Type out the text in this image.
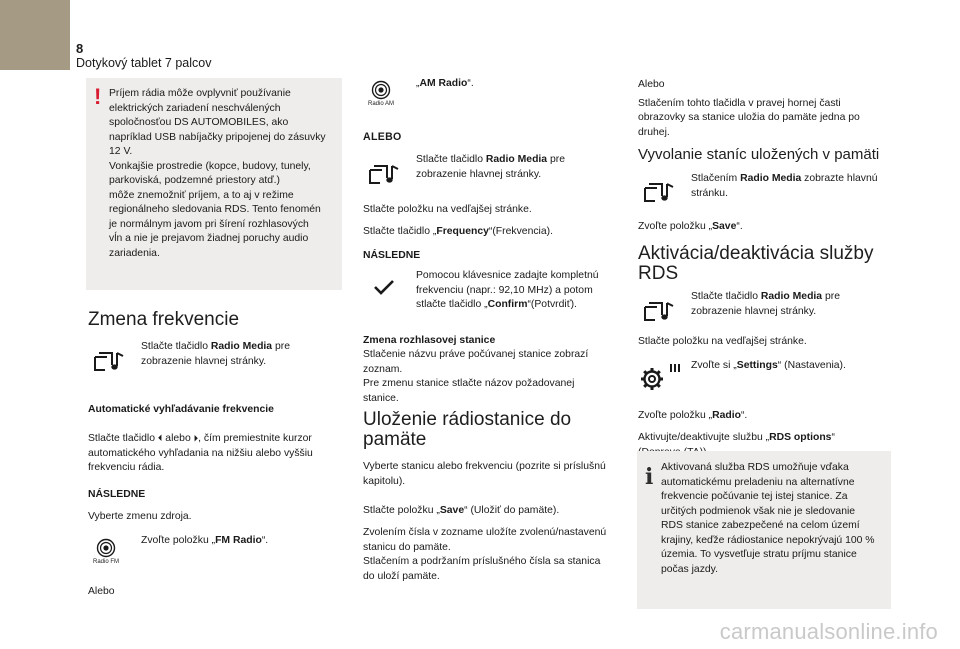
8
Dotykový tablet 7 palcov
! Príjem rádia môže ovplyvniť používanie
elektrických zariadení neschválených
spoločnosťou DS AUTOMOBILES, ako
napríklad USB nabíjačky pripojenej do zásuvky
12 V.
Vonkajšie prostredie (kopce, budovy, tunely,
parkoviská, podzemné priestory atď.)
môže znemožniť príjem, a to aj v režime
regionálneho sledovania RDS. Tento fenomén
je normálnym javom pri šírení rozhlasových
vĺn a nie je prejavom žiadnej poruchy audio
zariadenia.
Zmena frekvencie
Stlačte tlačidlo Radio Media pre
zobrazenie hlavnej stránky.
Automatické vyhľadávanie frekvencie
Stlačte tlačidlo ⏴ alebo ⏵, čím premiestnite kurzor
automatického vyhľadania na nižšiu alebo vyššiu
frekvenciu rádia.
NÁSLEDNE
Vyberte zmenu zdroja.
Radio FM
Zvoľte položku „FM Radio“.
Alebo
Radio AM
„AM Radio“.
ALEBO
Stlačte tlačidlo Radio Media pre
zobrazenie hlavnej stránky.
Stlačte položku na vedľajšej stránke.
Stlačte tlačidlo „Frequency“(Frekvencia).
NÁSLEDNE
Pomocou klávesnice zadajte kompletnú
frekvenciu (napr.: 92,10 MHz) a potom
stlačte tlačidlo „Confirm“(Potvrdiť).
Zmena rozhlasovej stanice
Stlačenie názvu práve počúvanej stanice zobrazí
zoznam.
Pre zmenu stanice stlačte názov požadovanej
stanice.
Uloženie rádiostanice do
pamäte
Vyberte stanicu alebo frekvenciu (pozrite si príslušnú
kapitolu).
Stlačte položku „Save“ (Uložiť do pamäte).
Zvolením čísla v zozname uložíte zvolenú/nastavenú
stanicu do pamäte.
Stlačením a podržaním príslušného čísla sa stanica
do uloží pamäte.
Alebo
Stlačením tohto tlačidla v pravej hornej časti
obrazovky sa stanice uložia do pamäte jedna po
druhej.
Vyvolanie staníc uložených v pamäti
Stlačením Radio Media zobrazte hlavnú
stránku.
Zvoľte položku „Save“.
Aktivácia/deaktivácia služby
RDS
Stlačte tlačidlo Radio Media pre
zobrazenie hlavnej stránky.
Stlačte položku na vedľajšej stránke.
Zvoľte si „Settings“ (Nastavenia).
Zvoľte položku „Radio“.
Aktivujte/deaktivujte službu „RDS options“
i Aktivovaná služba RDS umožňuje vďaka
automatickému preladeniu na alternatívne
frekvencie počúvanie tej istej stanice. Za
určitých podmienok však nie je sledovanie
RDS stanice zabezpečené na celom území
krajiny, keďže rádiostanice nepokrývajú 100 %
územia. To vysvetľuje stratu príjmu stanice
počas jazdy.
carmanualsonline.info
